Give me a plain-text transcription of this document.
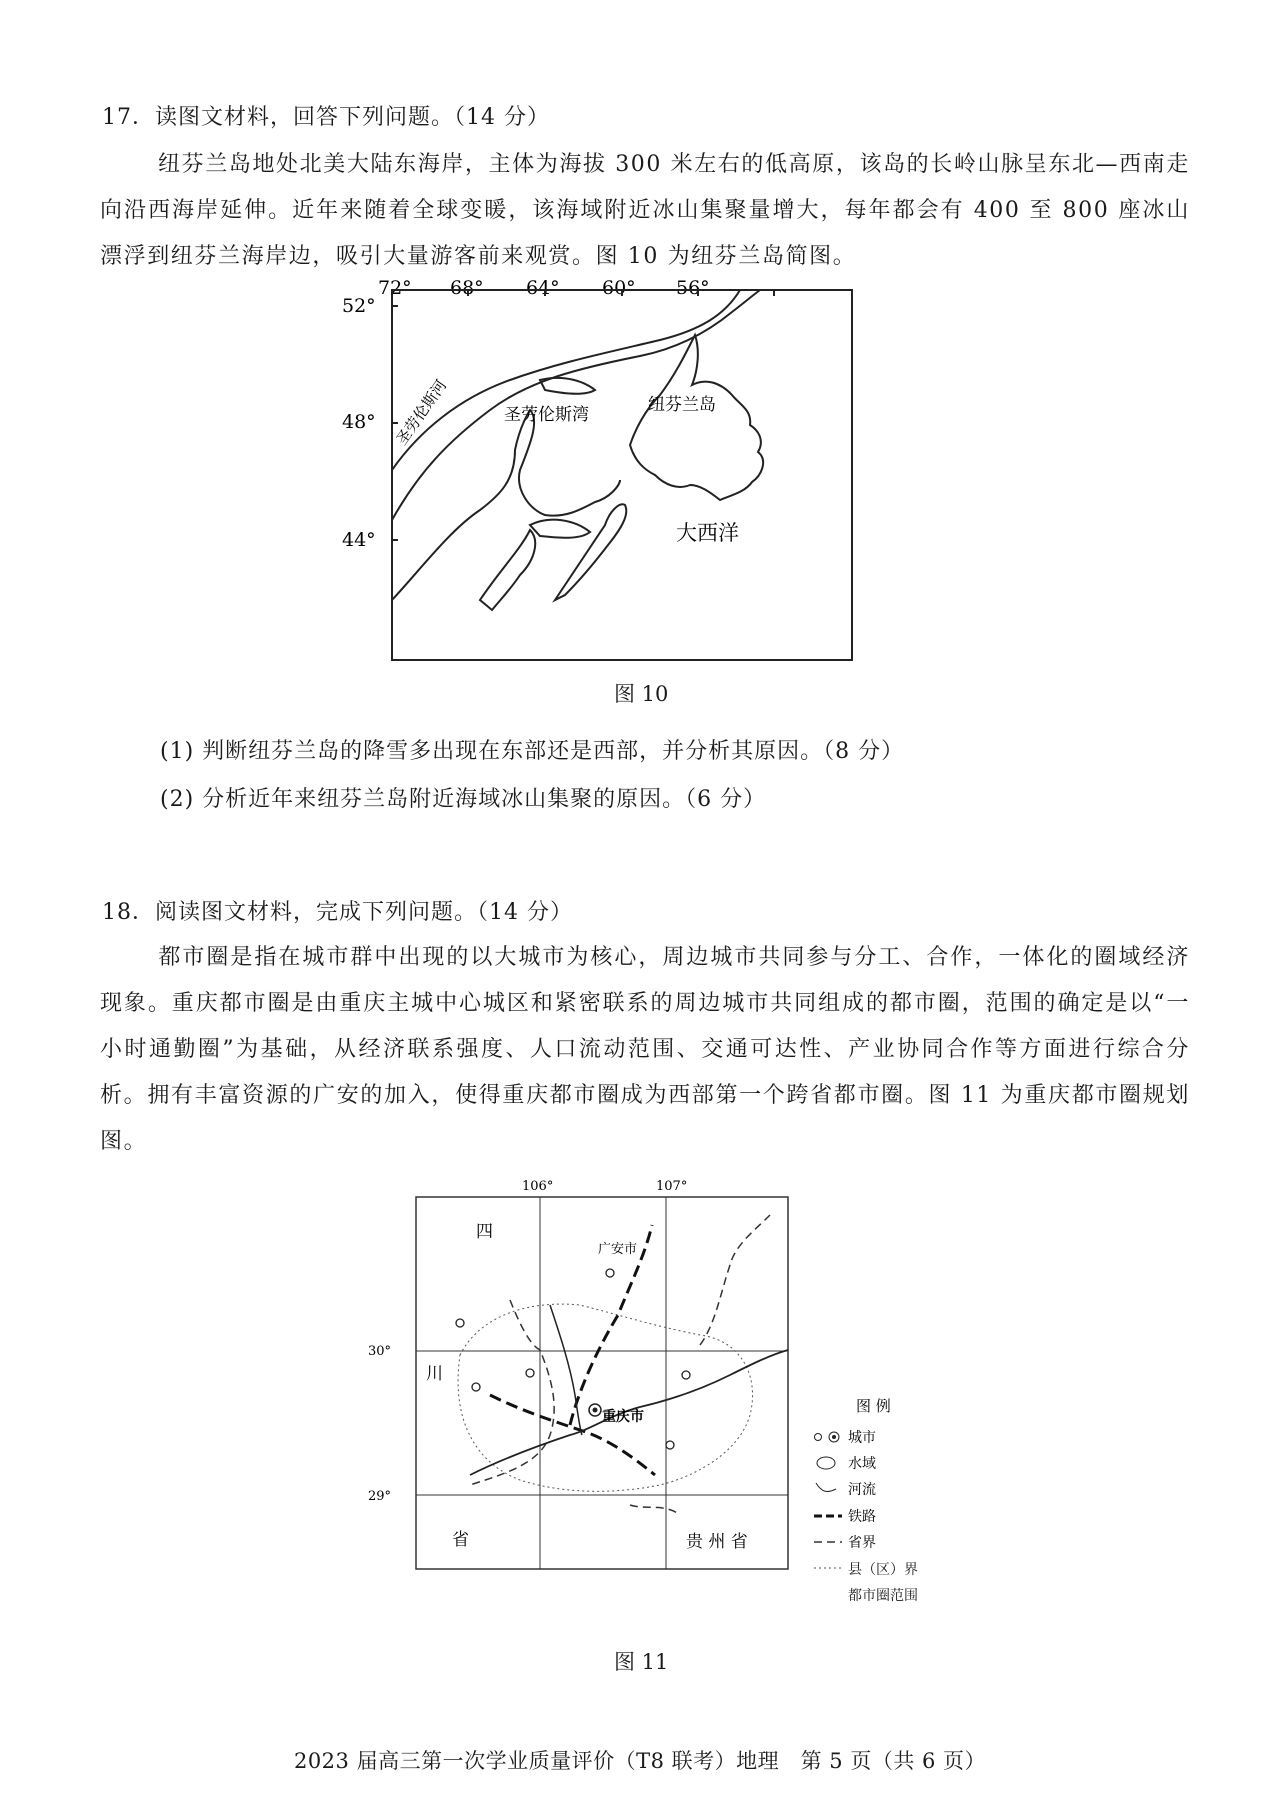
17．读图文材料，回答下列问题。（14 分）
纽芬兰岛地处北美大陆东海岸，主体为海拔 300 米左右的低高原，该岛的长岭山脉呈东北—西南走向沿西海岸延伸。近年来随着全球变暖，该海域附近冰山集聚量增大，每年都会有 400 至 800 座冰山漂浮到纽芬兰海岸边，吸引大量游客前来观赏。图 10 为纽芬兰岛简图。
72° 68° 64° 60° 56°
52°
48°
44°
圣劳伦斯河	圣劳伦斯湾	纽芬兰岛
大西洋
图 10
(1) 判断纽芬兰岛的降雪多出现在东部还是西部，并分析其原因。（8 分）
(2) 分析近年来纽芬兰岛附近海域冰山集聚的原因。（6 分）
18．阅读图文材料，完成下列问题。（14 分）
都市圈是指在城市群中出现的以大城市为核心，周边城市共同参与分工、合作，一体化的圈域经济现象。重庆都市圈是由重庆主城中心城区和紧密联系的周边城市共同组成的都市圈，范围的确定是以“一小时通勤圈”为基础，从经济联系强度、人口流动范围、交通可达性、产业协同合作等方面进行综合分析。拥有丰富资源的广安的加入，使得重庆都市圈成为西部第一个跨省都市圈。图 11 为重庆都市圈规划图。
106°	107°
30°
29°
四
川
省
广安市
重庆市
贵 州 省
图 例
城市
水域
河流
铁路
省界
县（区）界
都市圈范围
图 11
2023 届高三第一次学业质量评价（T8 联考）地理　第 5 页（共 6 页）
